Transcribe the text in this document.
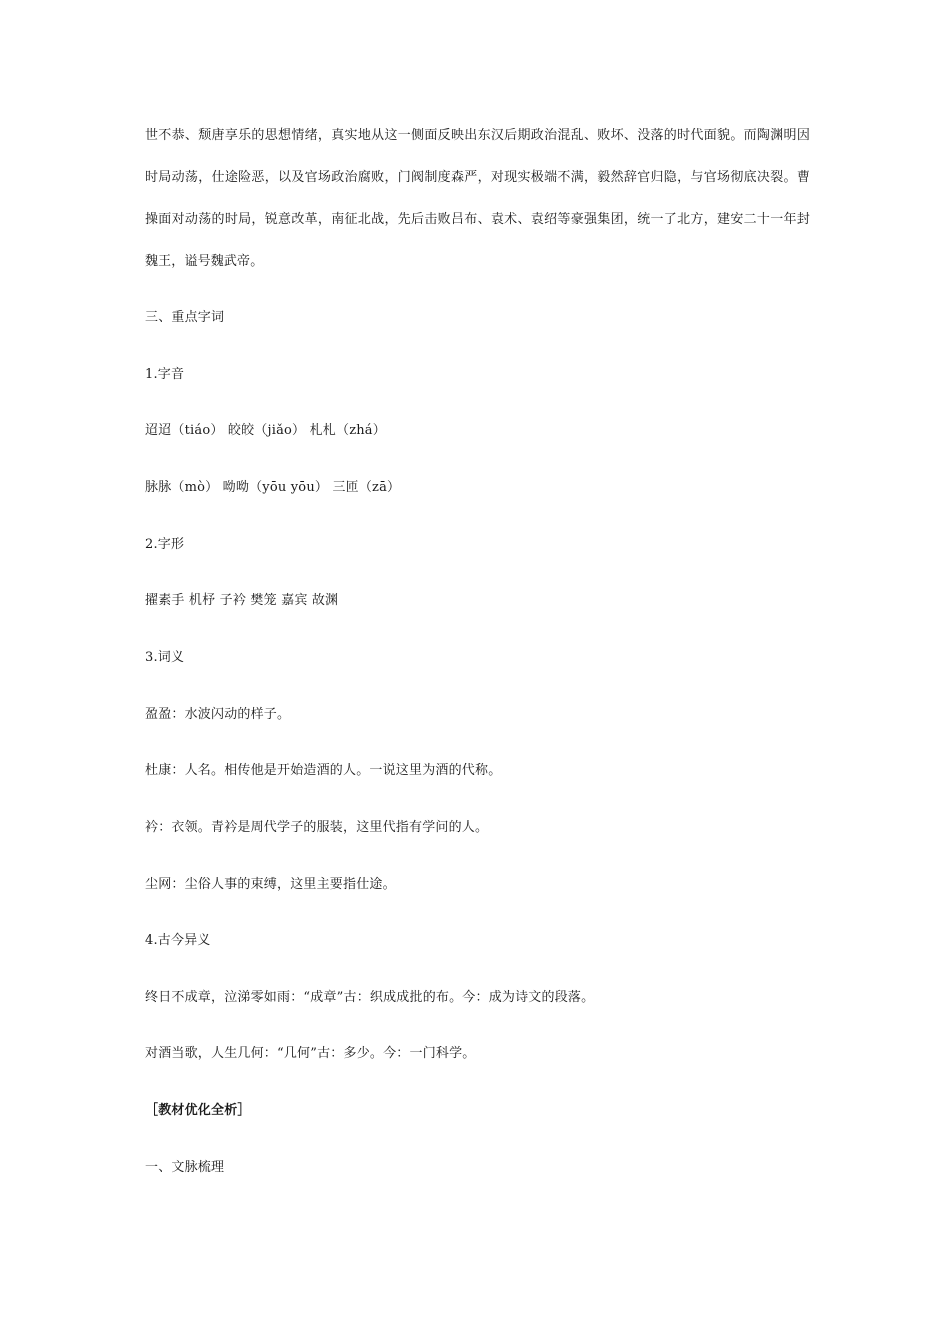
世不恭、颓唐享乐的思想情绪，真实地从这一侧面反映出东汉后期政治混乱、败坏、没落的时代面貌。而陶渊明因时局动荡，仕途险恶，以及官场政治腐败，门阀制度森严，对现实极端不满，毅然辞官归隐，与官场彻底决裂。曹操面对动荡的时局，锐意改革，南征北战，先后击败吕布、袁术、袁绍等豪强集团，统一了北方，建安二十一年封魏王，谥号魏武帝。
三、重点字词
1.字音
迢迢（tiáo） 皎皎（jiǎo） 札札（zhá）
脉脉（mò） 呦呦（yōu yōu） 三匝（zā）
2.字形
擢素手 机杼 子衿 樊笼 嘉宾 故渊
3.词义
盈盈：水波闪动的样子。
杜康：人名。相传他是开始造酒的人。一说这里为酒的代称。
衿：衣领。青衿是周代学子的服装，这里代指有学问的人。
尘网：尘俗人事的束缚，这里主要指仕途。
4.古今异义
终日不成章，泣涕零如雨：“成章”古：织成成批的布。今：成为诗文的段落。
对酒当歌，人生几何：“几何”古：多少。今：一门科学。
［教材优化全析］
一、文脉梳理
